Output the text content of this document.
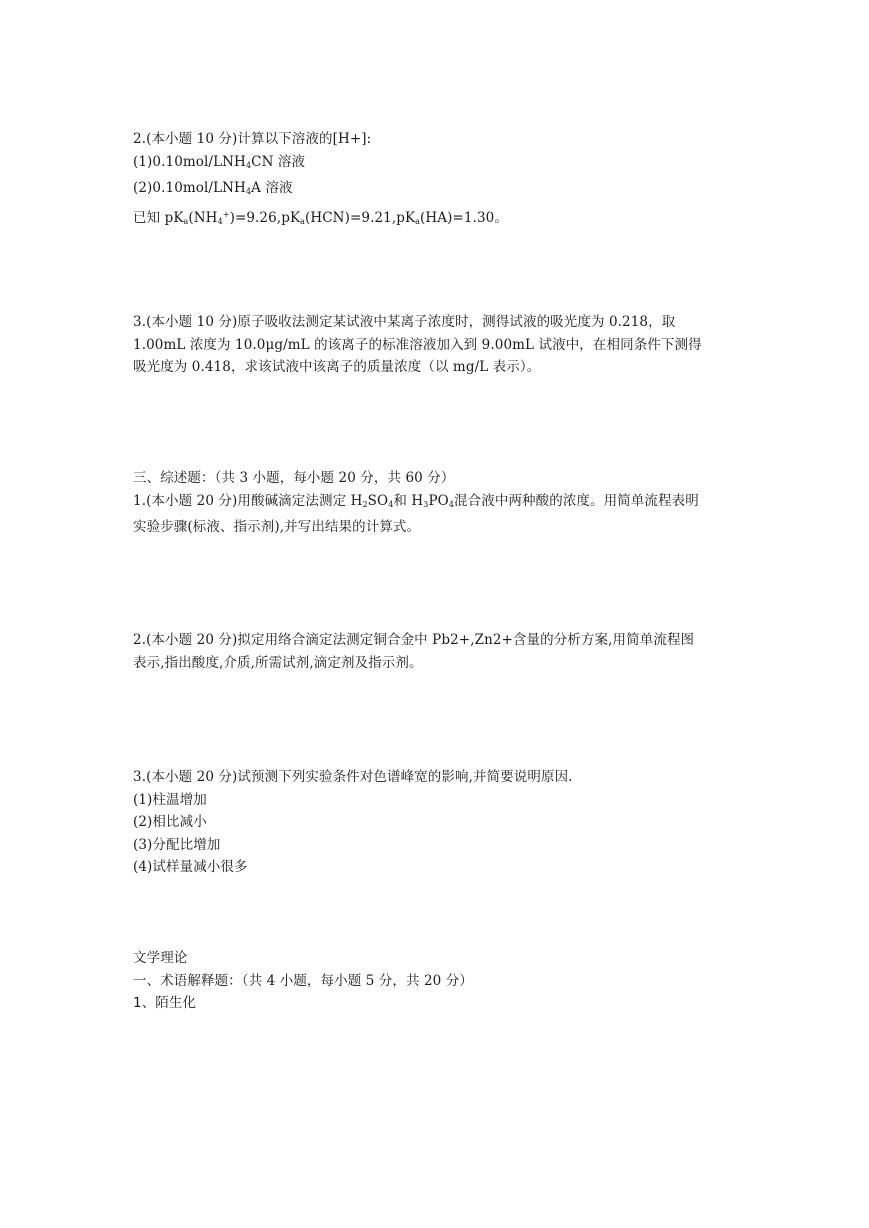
2.(本小题 10 分)计算以下溶液的[H+]:
$(1)0.10mol/LNH_4CN$ 溶液
$(2)0.10mol/LNH_4A$ 溶液
已知 $pK_a(NH_4^+)=9.26,pK_a(HCN)=9.21,pK_a(HA)=1.30$。
3.(本小题 10 分)原子吸收法测定某试液中某离子浓度时，测得试液的吸光度为 0.218，取
1.00mL 浓度为 10.0μg/mL 的该离子的标准溶液加入到 9.00mL 试液中，在相同条件下测得
吸光度为 0.418，求该试液中该离子的质量浓度（以 mg/L 表示）。
三、综述题：（共 3 小题，每小题 20 分，共 60 分）
1.(本小题 20 分)用酸碱滴定法测定 $H_2SO_4$和 $H_3PO_4$混合液中两种酸的浓度。用简单流程表明
实验步骤(标液、指示剂),并写出结果的计算式。
2.(本小题 20 分)拟定用络合滴定法测定铜合金中 Pb2+,Zn2+含量的分析方案,用简单流程图
表示,指出酸度,介质,所需试剂,滴定剂及指示剂。
3.(本小题 20 分)试预测下列实验条件对色谱峰宽的影响,并简要说明原因.
(1)柱温增加
(2)相比减小
(3)分配比增加
(4)试样量减小很多
文学理论
一、术语解释题：（共 4 小题，每小题 5 分，共 20 分）
1、陌生化
